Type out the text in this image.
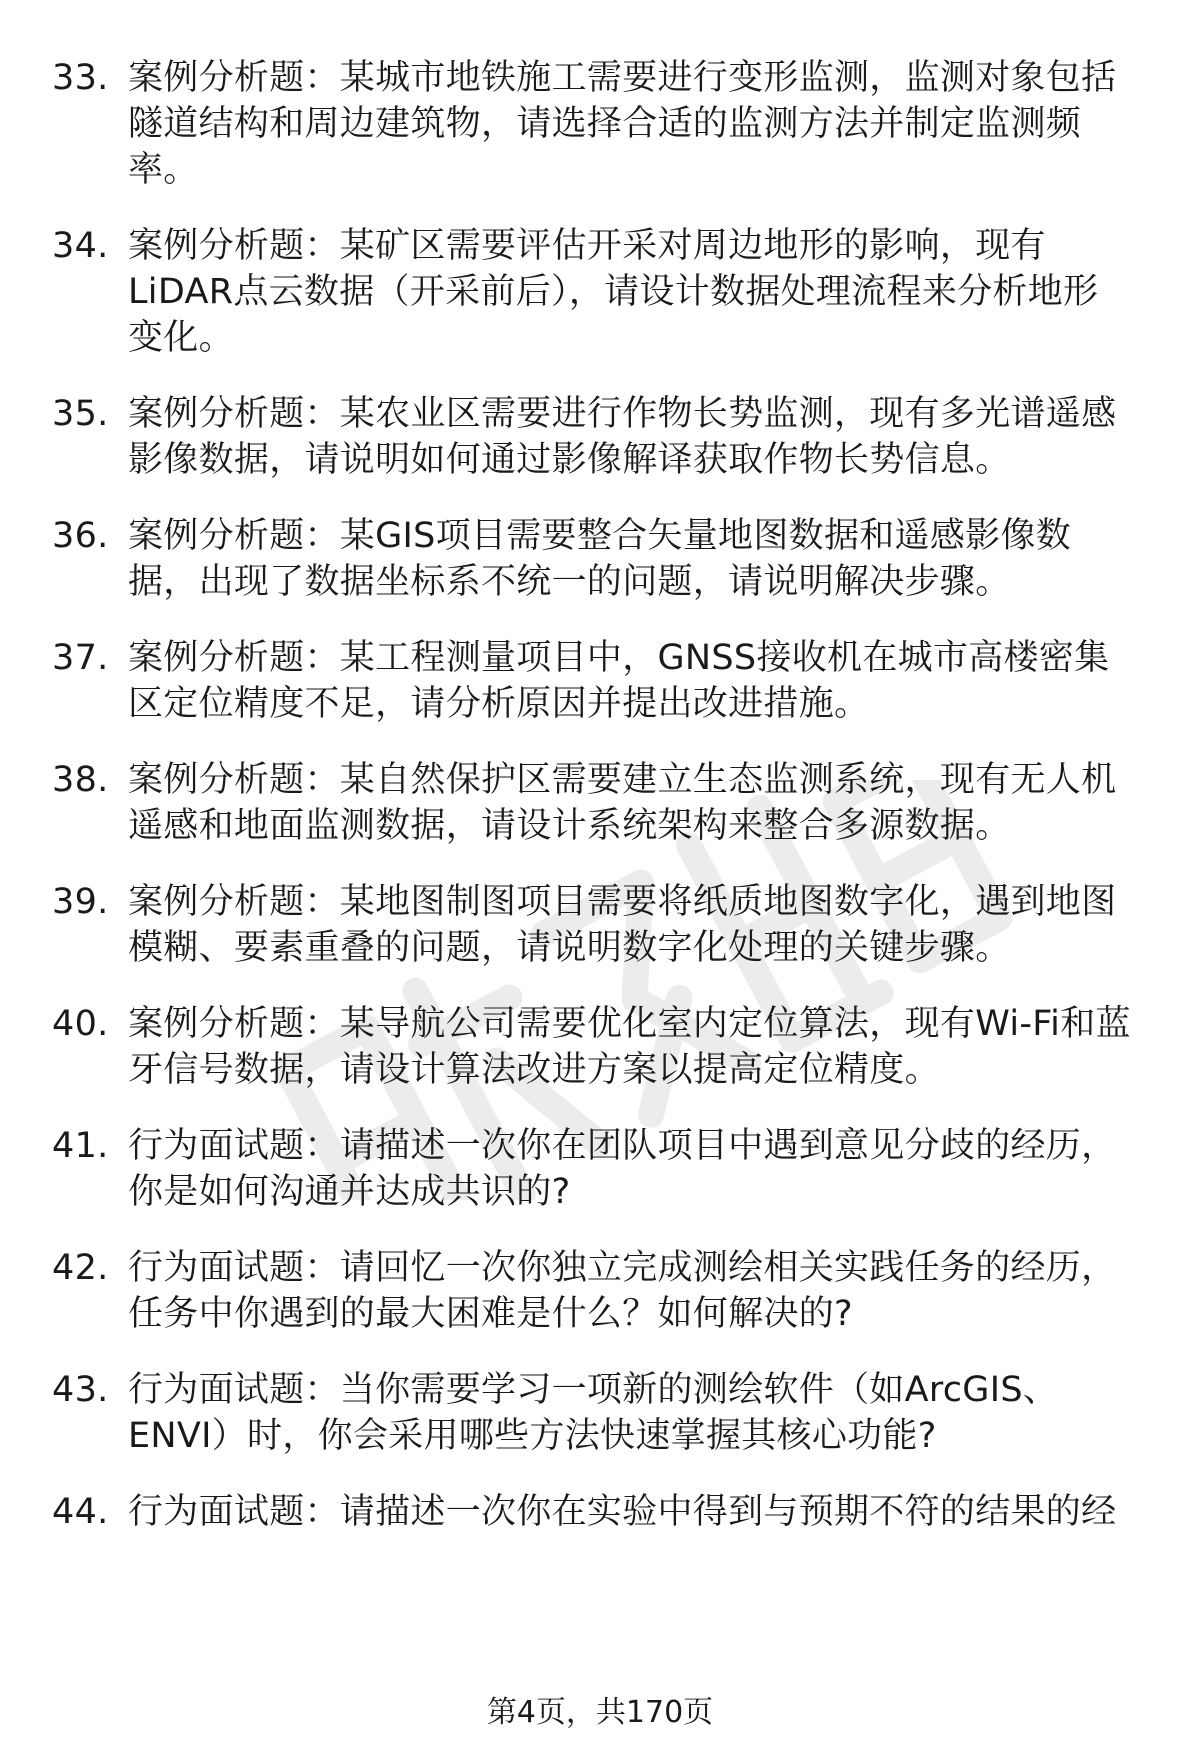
33. 案例分析题：某城市地铁施工需要进行变形监测，监测对象包括
隧道结构和周边建筑物，请选择合适的监测方法并制定监测频
率。
34. 案例分析题：某矿区需要评估开采对周边地形的影响，现有
LiDAR点云数据（开采前后），请设计数据处理流程来分析地形
变化。
35. 案例分析题：某农业区需要进行作物长势监测，现有多光谱遥感
影像数据，请说明如何通过影像解译获取作物长势信息。
36. 案例分析题：某GIS项目需要整合矢量地图数据和遥感影像数
据，出现了数据坐标系不统一的问题，请说明解决步骤。
37. 案例分析题：某工程测量项目中，GNSS接收机在城市高楼密集
区定位精度不足，请分析原因并提出改进措施。
38. 案例分析题：某自然保护区需要建立生态监测系统，现有无人机
遥感和地面监测数据，请设计系统架构来整合多源数据。
39. 案例分析题：某地图制图项目需要将纸质地图数字化，遇到地图
模糊、要素重叠的问题，请说明数字化处理的关键步骤。
40. 案例分析题：某导航公司需要优化室内定位算法，现有Wi-Fi和蓝
牙信号数据，请设计算法改进方案以提高定位精度。
41. 行为面试题：请描述一次你在团队项目中遇到意见分歧的经历，
你是如何沟通并达成共识的?
42. 行为面试题：请回忆一次你独立完成测绘相关实践任务的经历，
任务中你遇到的最大困难是什么？如何解决的?
43. 行为面试题：当你需要学习一项新的测绘软件（如ArcGIS、
ENVI）时，你会采用哪些方法快速掌握其核心功能?
44. 行为面试题：请描述一次你在实验中得到与预期不符的结果的经
第4页，共170页
